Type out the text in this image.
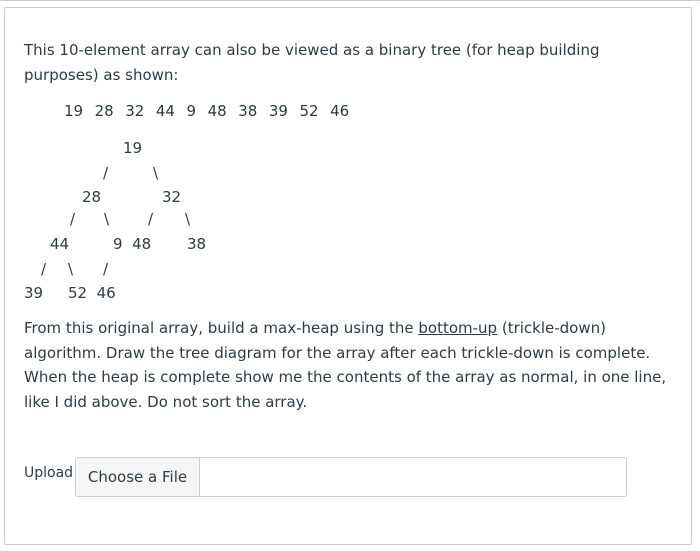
This 10-element array can also be viewed as a binary tree (for heap building purposes) as shown:

19  28  32  44  9  48  38  39  52  46

19
/	\
28	32
/ \	/ \
44	9  48 38
/ \ /
39 52  46

From this original array, build a max-heap using the bottom-up (trickle-down) algorithm. Draw the tree diagram for the array after each trickle-down is complete. When the heap is complete show me the contents of the array as normal, in one line, like I did above. Do not sort the array.

Upload Choose a File
